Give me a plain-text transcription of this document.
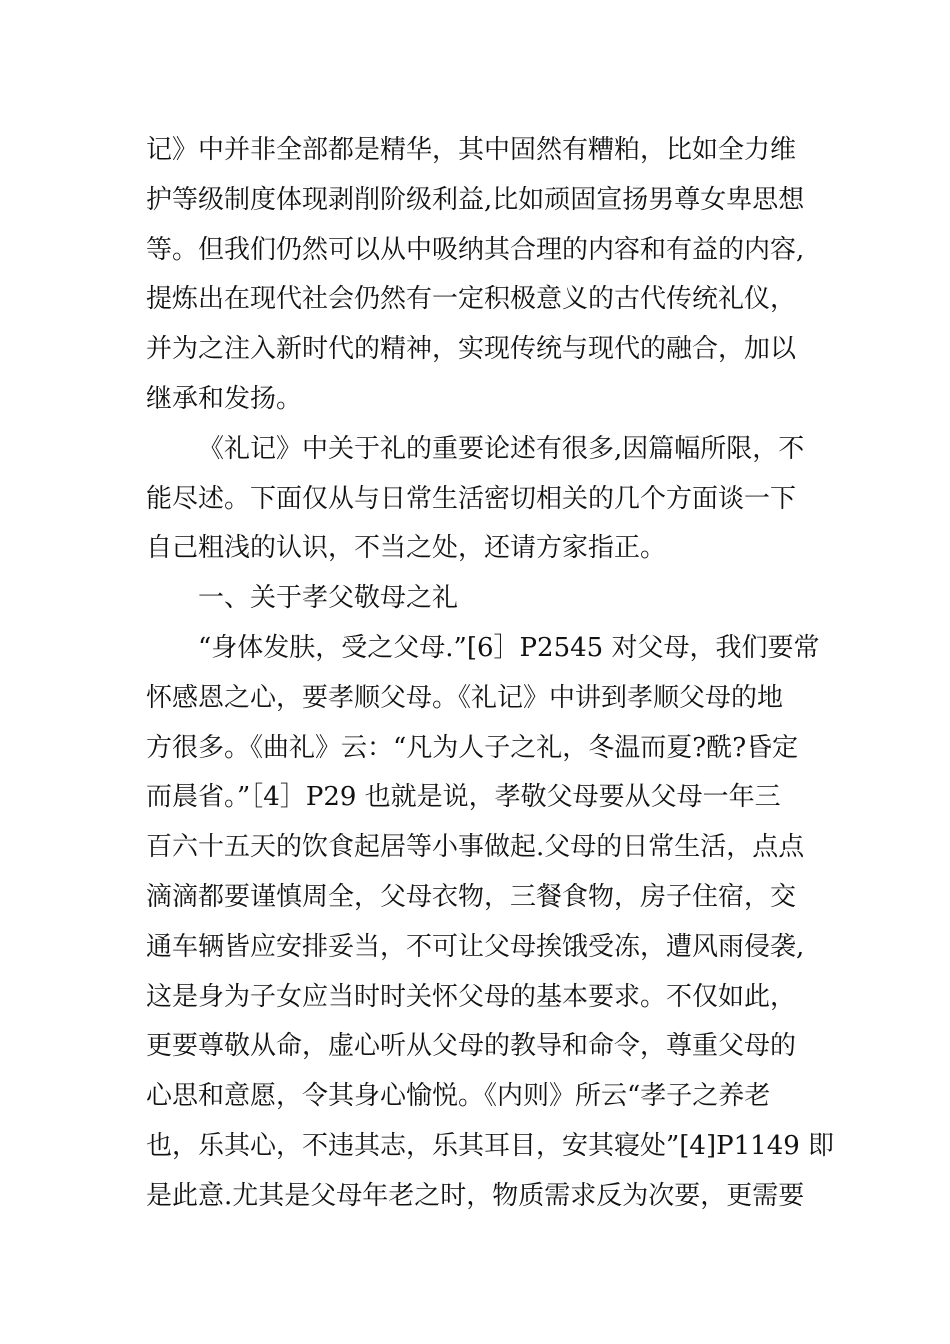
记》中并非全部都是精华，其中固然有糟粕，比如全力维
护等级制度体现剥削阶级利益,比如顽固宣扬男尊女卑思想
等。但我们仍然可以从中吸纳其合理的内容和有益的内容,
提炼出在现代社会仍然有一定积极意义的古代传统礼仪，
并为之注入新时代的精神，实现传统与现代的融合，加以
继承和发扬。
《礼记》中关于礼的重要论述有很多,因篇幅所限，不
能尽述。下面仅从与日常生活密切相关的几个方面谈一下
自己粗浅的认识，不当之处，还请方家指正。
一、关于孝父敬母之礼
“身体发肤，受之父母.”[6］P2545 对父母，我们要常
怀感恩之心，要孝顺父母。《礼记》中讲到孝顺父母的地
方很多。《曲礼》云：“凡为人子之礼，冬温而夏?酰?昏定
而晨省。”［4］P29 也就是说，孝敬父母要从父母一年三
百六十五天的饮食起居等小事做起.父母的日常生活，点点
滴滴都要谨慎周全，父母衣物，三餐食物，房子住宿，交
通车辆皆应安排妥当，不可让父母挨饿受冻，遭风雨侵袭,
这是身为子女应当时时关怀父母的基本要求。不仅如此，
更要尊敬从命，虚心听从父母的教导和命令，尊重父母的
心思和意愿，令其身心愉悦。《内则》所云“孝子之养老
也，乐其心，不违其志，乐其耳目，安其寝处”[4]P1149 即
是此意.尤其是父母年老之时，物质需求反为次要，更需要
